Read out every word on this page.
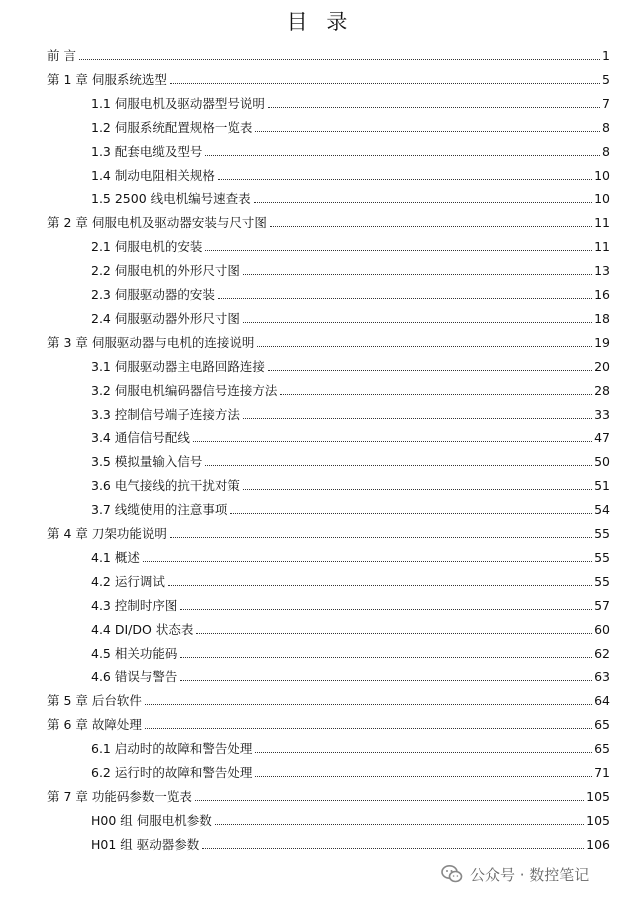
目 录
前 言	1
第 1 章 伺服系统选型	5
1.1 伺服电机及驱动器型号说明	7
1.2 伺服系统配置规格一览表	8
1.3 配套电缆及型号	8
1.4 制动电阻相关规格	10
1.5 2500 线电机编号速查表	10
第 2 章 伺服电机及驱动器安装与尺寸图	11
2.1 伺服电机的安装	11
2.2 伺服电机的外形尺寸图	13
2.3 伺服驱动器的安装	16
2.4 伺服驱动器外形尺寸图	18
第 3 章 伺服驱动器与电机的连接说明	19
3.1 伺服驱动器主电路回路连接	20
3.2 伺服电机编码器信号连接方法	28
3.3 控制信号端子连接方法	33
3.4 通信信号配线	47
3.5 模拟量输入信号	50
3.6 电气接线的抗干扰对策	51
3.7 线缆使用的注意事项	54
第 4 章 刀架功能说明	55
4.1 概述	55
4.2 运行调试	55
4.3 控制时序图	57
4.4 DI/DO 状态表	60
4.5 相关功能码	62
4.6 错误与警告	63
第 5 章 后台软件	64
第 6 章 故障处理	65
6.1 启动时的故障和警告处理	65
6.2 运行时的故障和警告处理	71
第 7 章 功能码参数一览表	105
H00 组 伺服电机参数	105
H01 组 驱动器参数	106
公众号 · 数控笔记
